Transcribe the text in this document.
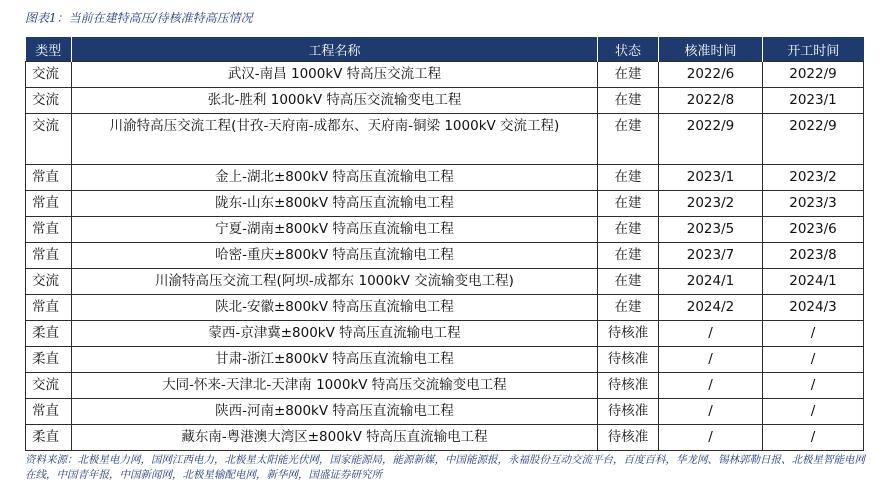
图表1：当前在建特高压/待核准特高压情况
类型	工程名称	状态	核准时间	开工时间
交流	武汉-南昌 1000kV 特高压交流工程	在建	2022/6	2022/9
交流	张北-胜利 1000kV 特高压交流输变电工程	在建	2022/8	2023/1
交流	川渝特高压交流工程(甘孜-天府南-成都东、天府南-铜梁 1000kV 交流工程)	在建	2022/9	2022/9
常直	金上-湖北±800kV 特高压直流输电工程	在建	2023/1	2023/2
常直	陇东-山东±800kV 特高压直流输电工程	在建	2023/2	2023/3
常直	宁夏-湖南±800kV 特高压直流输电工程	在建	2023/5	2023/6
常直	哈密-重庆±800kV 特高压直流输电工程	在建	2023/7	2023/8
交流	川渝特高压交流工程(阿坝-成都东 1000kV 交流输变电工程)	在建	2024/1	2024/1
常直	陕北-安徽±800kV 特高压直流输电工程	在建	2024/2	2024/3
柔直	蒙西-京津冀±800kV 特高压直流输电工程	待核准	/	/
柔直	甘肃-浙江±800kV 特高压直流输电工程	待核准	/	/
交流	大同-怀来-天津北-天津南 1000kV 特高压交流输变电工程	待核准	/	/
常直	陕西-河南±800kV 特高压直流输电工程	待核准	/	/
柔直	藏东南-粤港澳大湾区±800kV 特高压直流输电工程	待核准	/	/
资料来源：北极星电力网，国网江西电力，北极星太阳能光伏网，国家能源局，能源新媒，中国能源报，永福股份互动交流平台，百度百科，华龙网、锡林郭勒日报、北极星智能电网在线，中国青年报，中国新闻网，北极星输配电网，新华网，国盛证券研究所
